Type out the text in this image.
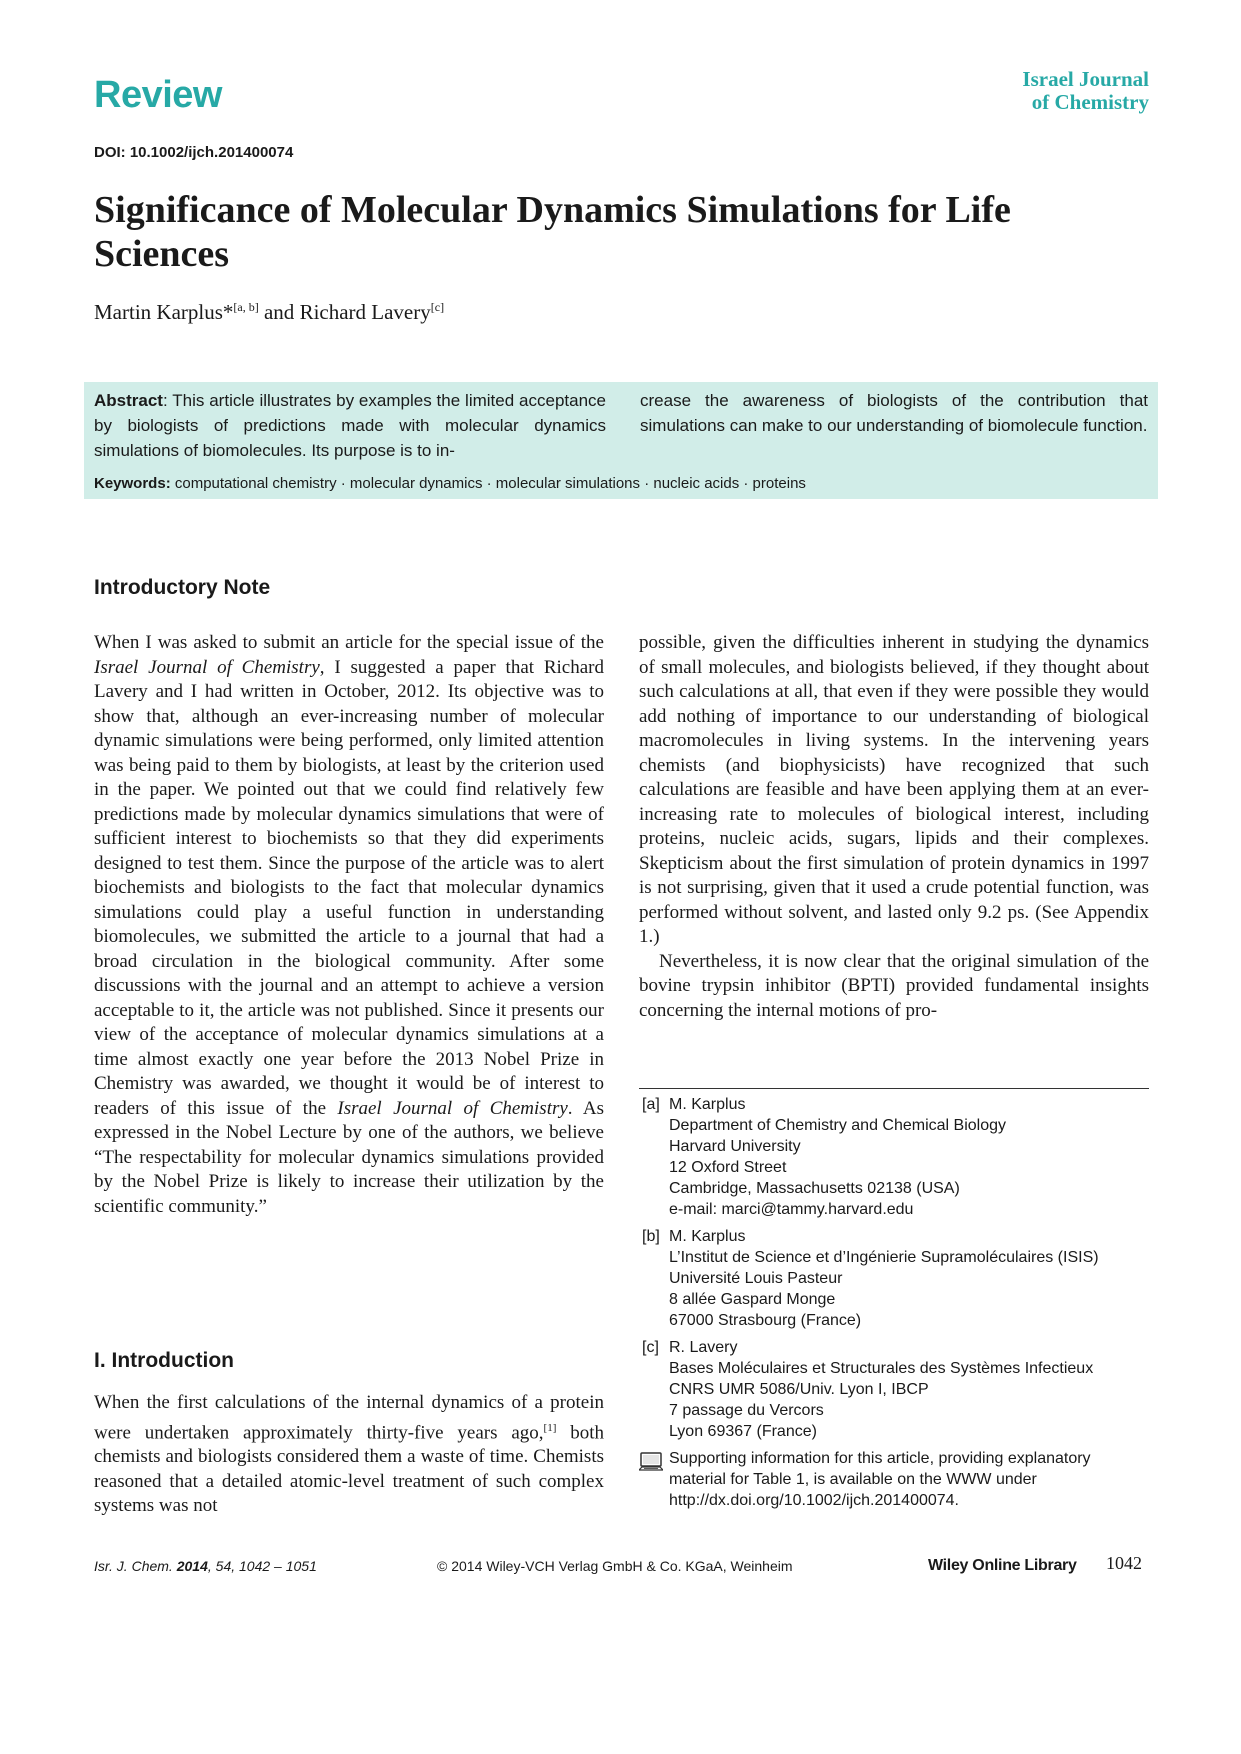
Review	Israel Journal
of Chemistry
DOI: 10.1002/ijch.201400074
Significance of Molecular Dynamics Simulations for Life Sciences
Martin Karplus*[a, b] and Richard Lavery[c]
Abstract: This article illustrates by examples the limited acceptance by biologists of predictions made with molecular dynamics simulations of biomolecules. Its purpose is to in-
crease the awareness of biologists of the contribution that simulations can make to our understanding of biomolecule function.
Keywords: computational chemistry · molecular dynamics · molecular simulations · nucleic acids · proteins
Introductory Note
When I was asked to submit an article for the special issue of the Israel Journal of Chemistry, I suggested a paper that Richard Lavery and I had written in October, 2012. Its objective was to show that, although an ever-increasing number of molecular dynamic simulations were being performed, only limited attention was being paid to them by biologists, at least by the criterion used in the paper. We pointed out that we could find relatively few predictions made by molecular dynamics simulations that were of sufficient interest to biochemists so that they did experiments designed to test them. Since the purpose of the article was to alert biochemists and biologists to the fact that molecular dynamics simulations could play a useful function in understanding biomolecules, we submitted the article to a journal that had a broad circulation in the biological community. After some discussions with the journal and an attempt to achieve a version acceptable to it, the article was not published. Since it presents our view of the acceptance of molecular dynamics simulations at a time almost exactly one year before the 2013 Nobel Prize in Chemistry was awarded, we thought it would be of interest to readers of this issue of the Israel Journal of Chemistry. As expressed in the Nobel Lecture by one of the authors, we believe “The respectability for molecular dynamics simulations provided by the Nobel Prize is likely to increase their utilization by the scientific community.”
I. Introduction
When the first calculations of the internal dynamics of a protein were undertaken approximately thirty-five years ago,[1] both chemists and biologists considered them a waste of time. Chemists reasoned that a detailed atomic-level treatment of such complex systems was not
possible, given the difficulties inherent in studying the dynamics of small molecules, and biologists believed, if they thought about such calculations at all, that even if they were possible they would add nothing of importance to our understanding of biological macromolecules in living systems. In the intervening years chemists (and biophysicists) have recognized that such calculations are feasible and have been applying them at an ever-increasing rate to molecules of biological interest, including proteins, nucleic acids, sugars, lipids and their complexes. Skepticism about the first simulation of protein dynamics in 1997 is not surprising, given that it used a crude potential function, was performed without solvent, and lasted only 9.2 ps. (See Appendix 1.)
Nevertheless, it is now clear that the original simulation of the bovine trypsin inhibitor (BPTI) provided fundamental insights concerning the internal motions of pro-
[a] M. Karplus
Department of Chemistry and Chemical Biology
Harvard University
12 Oxford Street
Cambridge, Massachusetts 02138 (USA)
e-mail: marci@tammy.harvard.edu
[b] M. Karplus
L’Institut de Science et d’Ingénierie Supramoléculaires (ISIS)
Université Louis Pasteur
8 allée Gaspard Monge
67000 Strasbourg (France)
[c] R. Lavery
Bases Moléculaires et Structurales des Systèmes Infectieux
CNRS UMR 5086/Univ. Lyon I, IBCP
7 passage du Vercors
Lyon 69367 (France)
Supporting information for this article, providing explanatory material for Table 1, is available on the WWW under http://dx.doi.org/10.1002/ijch.201400074.
Isr. J. Chem. 2014, 54, 1042 – 1051	© 2014 Wiley-VCH Verlag GmbH & Co. KGaA, Weinheim	Wiley Online Library 1042
